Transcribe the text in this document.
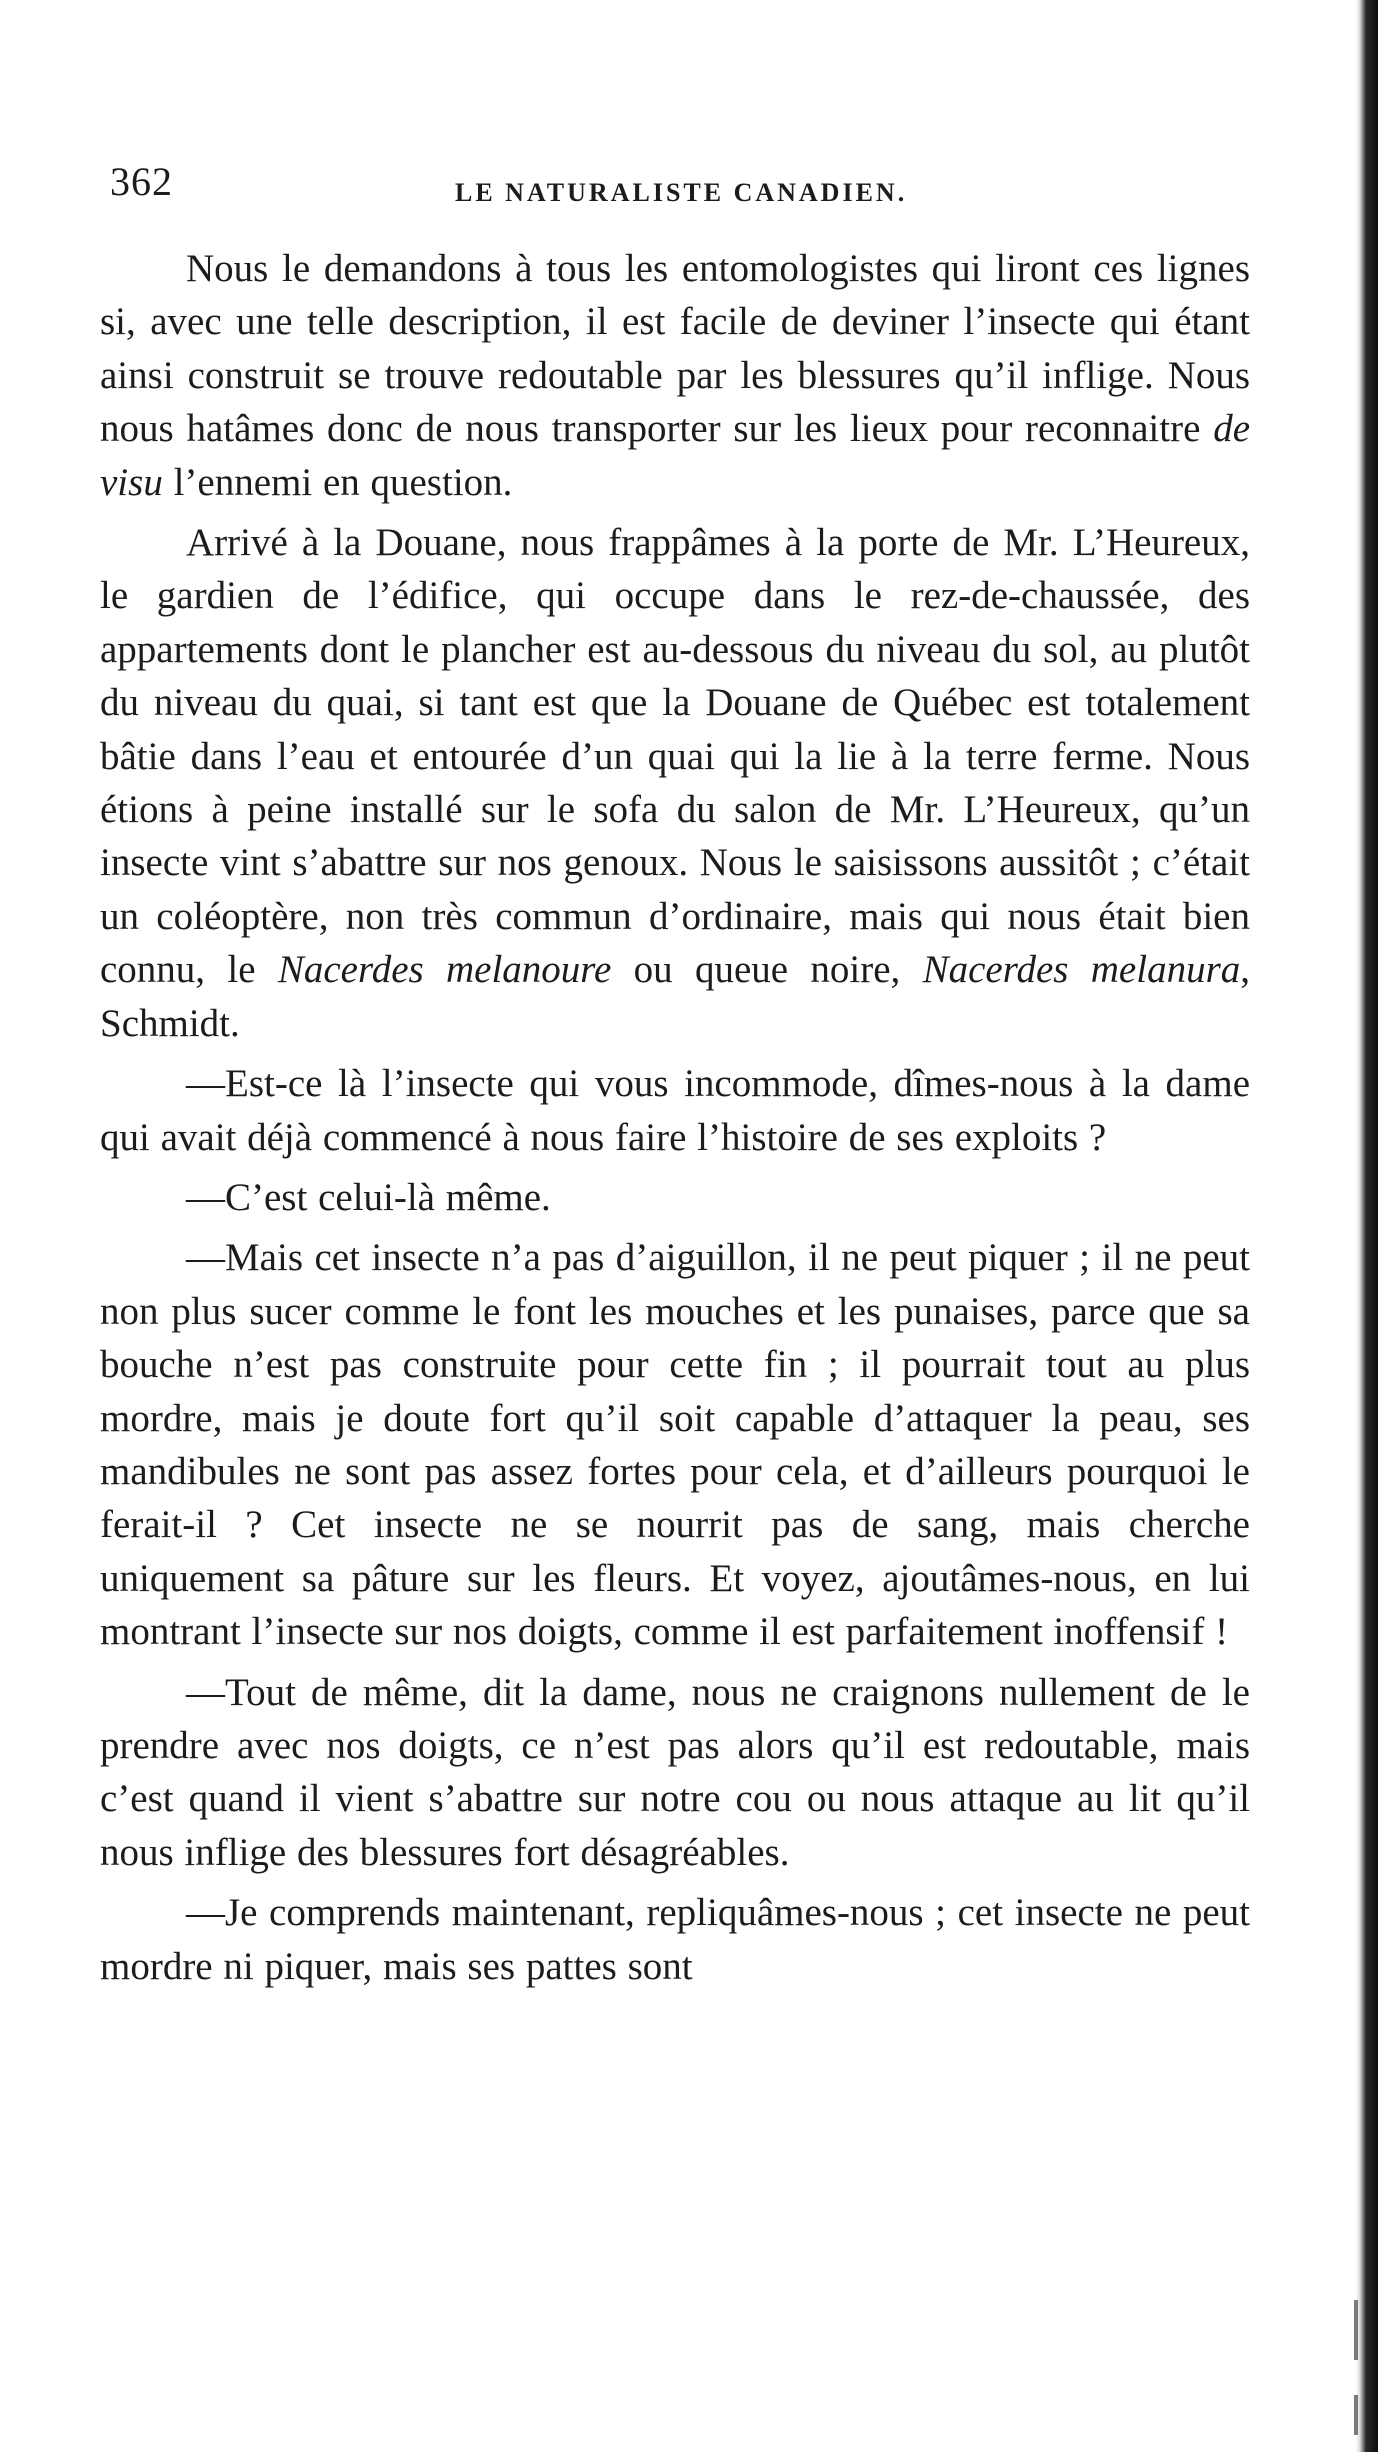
362	LE NATURALISTE CANADIEN.

Nous le demandons à tous les entomologistes qui liront ces lignes si, avec une telle description, il est facile de deviner l’insecte qui étant ainsi construit se trouve redoutable par les blessures qu’il inflige. Nous nous hatâmes donc de nous transporter sur les lieux pour reconnaitre de visu l’ennemi en question.

Arrivé à la Douane, nous frappâmes à la porte de Mr. L’Heureux, le gardien de l’édifice, qui occupe dans le rez-de-chaussée, des appartements dont le plancher est au-dessous du niveau du sol, au plutôt du niveau du quai, si tant est que la Douane de Québec est totalement bâtie dans l’eau et entourée d’un quai qui la lie à la terre ferme. Nous étions à peine installé sur le sofa du salon de Mr. L’Heureux, qu’un insecte vint s’abattre sur nos genoux. Nous le saisissons aussitôt ; c’était un coléoptère, non très commun d’ordinaire, mais qui nous était bien connu, le Nacerdes melanoure ou queue noire, Nacerdes melanura, Schmidt.

—Est-ce là l’insecte qui vous incommode, dîmes-nous à la dame qui avait déjà commencé à nous faire l’histoire de ses exploits ?

—C’est celui-là même.

—Mais cet insecte n’a pas d’aiguillon, il ne peut piquer ; il ne peut non plus sucer comme le font les mouches et les punaises, parce que sa bouche n’est pas construite pour cette fin ; il pourrait tout au plus mordre, mais je doute fort qu’il soit capable d’attaquer la peau, ses mandibules ne sont pas assez fortes pour cela, et d’ailleurs pourquoi le ferait-il ? Cet insecte ne se nourrit pas de sang, mais cherche uniquement sa pâture sur les fleurs. Et voyez, ajoutâmes-nous, en lui montrant l’insecte sur nos doigts, comme il est parfaitement inoffensif !

—Tout de même, dit la dame, nous ne craignons nullement de le prendre avec nos doigts, ce n’est pas alors qu’il est redoutable, mais c’est quand il vient s’abattre sur notre cou ou nous attaque au lit qu’il nous inflige des blessures fort désagréables.

—Je comprends maintenant, repliquâmes-nous ; cet insecte ne peut mordre ni piquer, mais ses pattes sont
